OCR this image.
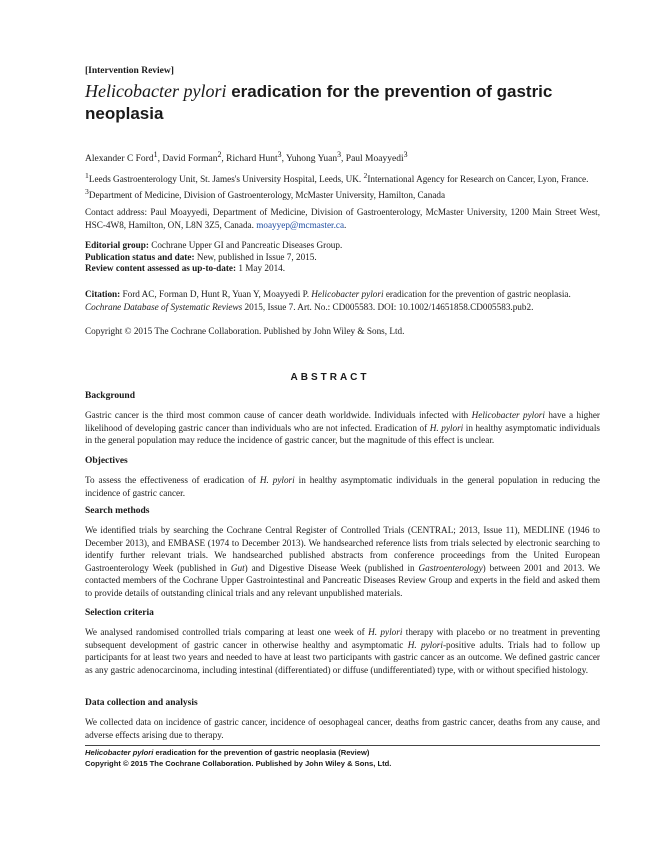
[Intervention Review]
Helicobacter pylori eradication for the prevention of gastric neoplasia
Alexander C Ford$^1$, David Forman$^2$, Richard Hunt$^3$, Yuhong Yuan$^3$, Paul Moayyedi$^3$
$^1$Leeds Gastroenterology Unit, St. James's University Hospital, Leeds, UK. $^2$International Agency for Research on Cancer, Lyon, France.
$^3$Department of Medicine, Division of Gastroenterology, McMaster University, Hamilton, Canada
Contact address: Paul Moayyedi, Department of Medicine, Division of Gastroenterology, McMaster University, 1200 Main Street West, HSC-4W8, Hamilton, ON, L8N 3Z5, Canada. moayyep@mcmaster.ca.
Editorial group: Cochrane Upper GI and Pancreatic Diseases Group.
Publication status and date: New, published in Issue 7, 2015.
Review content assessed as up-to-date: 1 May 2014.
Citation: Ford AC, Forman D, Hunt R, Yuan Y, Moayyedi P. Helicobacter pylori eradication for the prevention of gastric neoplasia. Cochrane Database of Systematic Reviews 2015, Issue 7. Art. No.: CD005583. DOI: 10.1002/14651858.CD005583.pub2.
Copyright © 2015 The Cochrane Collaboration. Published by John Wiley & Sons, Ltd.
ABSTRACT
Background

Gastric cancer is the third most common cause of cancer death worldwide. Individuals infected with Helicobacter pylori have a higher likelihood of developing gastric cancer than individuals who are not infected. Eradication of H. pylori in healthy asymptomatic individuals in the general population may reduce the incidence of gastric cancer, but the magnitude of this effect is unclear.

Objectives

To assess the effectiveness of eradication of H. pylori in healthy asymptomatic individuals in the general population in reducing the incidence of gastric cancer.

Search methods

We identified trials by searching the Cochrane Central Register of Controlled Trials (CENTRAL; 2013, Issue 11), MEDLINE (1946 to December 2013), and EMBASE (1974 to December 2013). We handsearched reference lists from trials selected by electronic searching to identify further relevant trials. We handsearched published abstracts from conference proceedings from the United European Gastroenterology Week (published in Gut) and Digestive Disease Week (published in Gastroenterology) between 2001 and 2013. We contacted members of the Cochrane Upper Gastrointestinal and Pancreatic Diseases Review Group and experts in the field and asked them to provide details of outstanding clinical trials and any relevant unpublished materials.

Selection criteria

We analysed randomised controlled trials comparing at least one week of H. pylori therapy with placebo or no treatment in preventing subsequent development of gastric cancer in otherwise healthy and asymptomatic H. pylori-positive adults. Trials had to follow up participants for at least two years and needed to have at least two participants with gastric cancer as an outcome. We defined gastric cancer as any gastric adenocarcinoma, including intestinal (differentiated) or diffuse (undifferentiated) type, with or without specified histology.

Data collection and analysis

We collected data on incidence of gastric cancer, incidence of oesophageal cancer, deaths from gastric cancer, deaths from any cause, and adverse effects arising due to therapy.

Helicobacter pylori eradication for the prevention of gastric neoplasia (Review)
Copyright © 2015 The Cochrane Collaboration. Published by John Wiley & Sons, Ltd.
